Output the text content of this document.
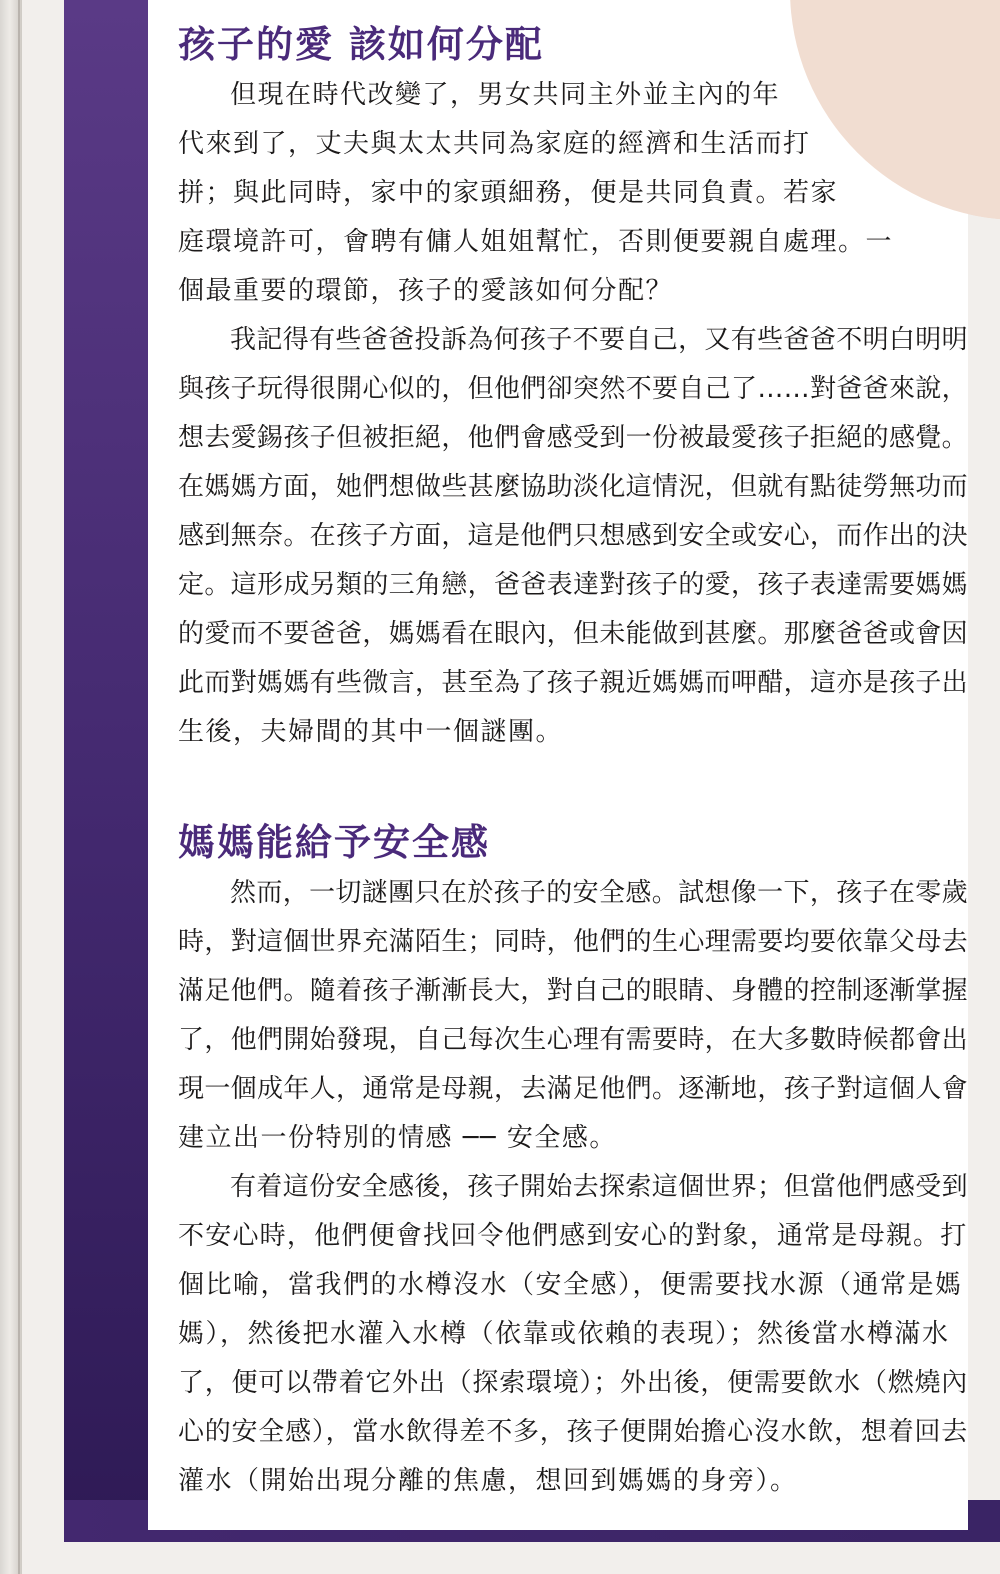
孩子的愛 該如何分配

但現在時代改變了，男女共同主外並主內的年

代來到了，丈夫與太太共同為家庭的經濟和生活而打

拼；與此同時，家中的家頭細務，便是共同負責。若家

庭環境許可，會聘有傭人姐姐幫忙，否則便要親自處理。一

個最重要的環節，孩子的愛該如何分配？

我記得有些爸爸投訴為何孩子不要自己，又有些爸爸不明白明明

與孩子玩得很開心似的，但他們卻突然不要自己了……對爸爸來說，

想去愛錫孩子但被拒絕，他們會感受到一份被最愛孩子拒絕的感覺。

在媽媽方面，她們想做些甚麼協助淡化這情況，但就有點徒勞無功而

感到無奈。在孩子方面，這是他們只想感到安全或安心，而作出的決

定。這形成另類的三角戀，爸爸表達對孩子的愛，孩子表達需要媽媽

的愛而不要爸爸，媽媽看在眼內，但未能做到甚麼。那麼爸爸或會因

此而對媽媽有些微言，甚至為了孩子親近媽媽而呷醋，這亦是孩子出

生後，夫婦間的其中一個謎團。

媽媽能給予安全感

然而，一切謎團只在於孩子的安全感。試想像一下，孩子在零歲

時，對這個世界充滿陌生；同時，他們的生心理需要均要依靠父母去

滿足他們。隨着孩子漸漸長大，對自己的眼睛、身體的控制逐漸掌握

了，他們開始發現，自己每次生心理有需要時，在大多數時候都會出

現一個成年人，通常是母親，去滿足他們。逐漸地，孩子對這個人會

建立出一份特別的情感 ── 安全感。

有着這份安全感後，孩子開始去探索這個世界；但當他們感受到

不安心時，他們便會找回令他們感到安心的對象，通常是母親。打

個比喻，當我們的水樽沒水（安全感），便需要找水源（通常是媽

媽），然後把水灌入水樽（依靠或依賴的表現）；然後當水樽滿水

了，便可以帶着它外出（探索環境）；外出後，便需要飲水（燃燒內

心的安全感），當水飲得差不多，孩子便開始擔心沒水飲，想着回去

灌水（開始出現分離的焦慮，想回到媽媽的身旁）。
